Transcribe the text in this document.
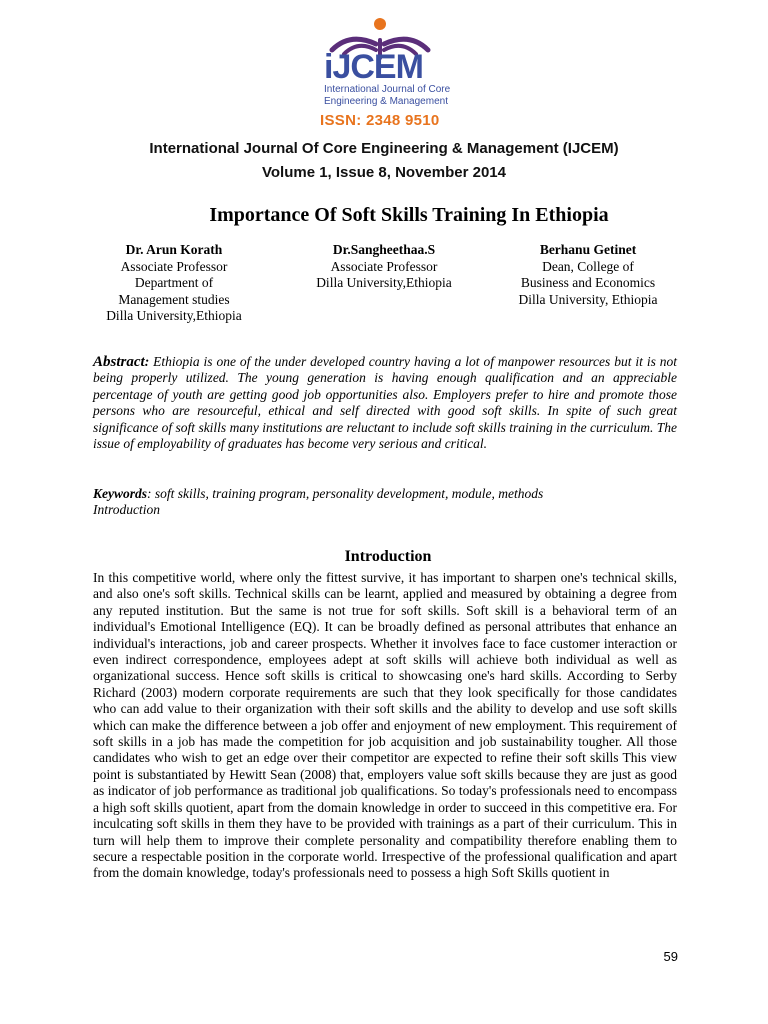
iJCEM
International Journal of Core
Engineering & Management
ISSN: 2348 9510
International Journal Of Core Engineering & Management (IJCEM)
Volume 1, Issue 8, November 2014
Importance Of Soft Skills Training In Ethiopia
Dr. Arun Korath
Associate Professor
Department of
Management studies
Dilla University,Ethiopia
Dr.Sangheethaa.S
Associate Professor
Dilla University,Ethiopia
Berhanu Getinet
Dean, College of
Business and Economics
Dilla University, Ethiopia
Abstract: Ethiopia is one of the under developed country having a lot of manpower resources but it is not being properly utilized. The young generation is having enough qualification and an appreciable percentage of youth are getting good job opportunities also. Employers prefer to hire and promote those persons who are resourceful, ethical and self directed with good soft skills. In spite of such great significance of soft skills many institutions are reluctant to include soft skills training in the curriculum. The issue of employability of graduates has become very serious and critical.
Keywords: soft skills, training program, personality development, module, methods
Introduction
Introduction
In this competitive world, where only the fittest survive, it has important to sharpen one's technical skills, and also one's soft skills. Technical skills can be learnt, applied and measured by obtaining a degree from any reputed institution. But the same is not true for soft skills. Soft skill is a behavioral term of an individual's Emotional Intelligence (EQ). It can be broadly defined as personal attributes that enhance an individual's interactions, job and career prospects. Whether it involves face to face customer interaction or even indirect correspondence, employees adept at soft skills will achieve both individual as well as organizational success. Hence soft skills is critical to showcasing one's hard skills. According to Serby Richard (2003) modern corporate requirements are such that they look specifically for those candidates who can add value to their organization with their soft skills and the ability to develop and use soft skills which can make the difference between a job offer and enjoyment of new employment. This requirement of soft skills in a job has made the competition for job acquisition and job sustainability tougher. All those candidates who wish to get an edge over their competitor are expected to refine their soft skills This view point is substantiated by Hewitt Sean (2008) that, employers value soft skills because they are just as good as indicator of job performance as traditional job qualifications. So today's professionals need to encompass a high soft skills quotient, apart from the domain knowledge in order to succeed in this competitive era. For inculcating soft skills in them they have to be provided with trainings as a part of their curriculum. This in turn will help them to improve their complete personality and compatibility therefore enabling them to secure a respectable position in the corporate world. Irrespective of the professional qualification and apart from the domain knowledge, today's professionals need to possess a high Soft Skills quotient in
59
